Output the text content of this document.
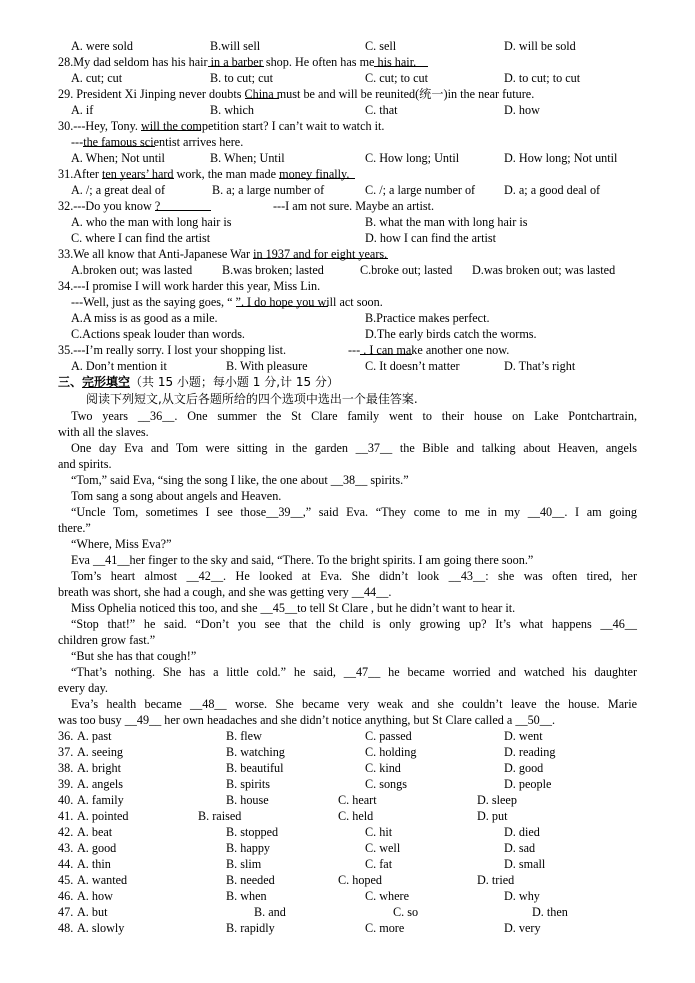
A. were sold	B.will sell	C. sell	D. will be sold
28.My dad seldom has his hair
in a barber shop. He often has me
his hair.
A. cut; cut	B. to cut; cut	C. cut; to cut	D. to cut; to cut
29. President Xi Jinping never doubts
China must be and will be reunited(统一)in the near future.
A. if	B. which	C. that	D. how
30.---Hey, Tony.
will the competition start? I can’t wait to watch it.
---
the famous scientist arrives here.
A. When; Not until	B. When; Until	C. How long; Until	D. How long; Not until
31.After
ten years’ hard work, the man made
money finally.
A. /; a great deal of	B. a; a large number of	C. /; a large number of D. a; a good deal of
32.---Do you know
?	---I am not sure. Maybe an artist.
A. who the man with long hair is	B. what the man with long hair is
C. where I can find the artist	D. how I can find the artist
33.We all know that Anti-Japanese War
in 1937 and
for eight years.
A.broken out; was lasted B.was broken; lasted	C.broke out; lasted D.was broken out; was lasted
34.---I promise I will work harder this year, Miss Lin.
---Well, just as the saying goes, “
”. I do hope you will act soon.
A.A miss is as good as a mile.	B.Practice makes perfect.
C.Actions speak louder than words.	D.The early birds catch the worms.
35.---I’m really sorry. I lost your shopping list.	---
. I can make another one now.
A. Don’t mention it	B. With pleasure	C. It doesn’t matter	D. That’s right
三、完形填空（共 15 小题；每小题 1 分,计 15 分）
阅读下列短文,从文后各题所给的四个选项中选出一个最佳答案.
Two years __36__. One summer the St Clare family went to their house on Lake Pontchartrain,
with all the slaves.
One day Eva and Tom were sitting in the garden __37__ the Bible and talking about Heaven, angels
and spirits.
“Tom,” said Eva, “sing the song I like, the one about __38__ spirits.”
Tom sang a song about angels and Heaven.
“Uncle Tom, sometimes I see those__39__,” said Eva. “They come to me in my __40__. I am going
there.”
“Where, Miss Eva?”
Eva __41__her finger to the sky and said, “There. To the bright spirits. I am going there soon.”
Tom’s heart almost __42__. He looked at Eva. She didn’t look __43__: she was often tired, her
breath was short, she had a cough, and she was getting very __44__.
Miss Ophelia noticed this too, and she __45__to tell St Clare , but he didn’t want to hear it.
“Stop that!” he said. “Don’t you see that the child is only growing up? It’s what happens __46__
children grow fast.”
“But she has that cough!”
“That’s nothing. She has a little cold.” he said, __47__ he became worried and watched his daughter
every day.
Eva’s health became __48__ worse. She became very weak and she couldn’t leave the house. Marie
was too busy __49__ her own headaches and she didn’t notice anything, but St Clare called a __50__.
36. A. past	B. flew	C. passed	D. went
37. A. seeing	B. watching	C. holding	D. reading
38. A. bright	B. beautiful	C. kind	D. good
39. A. angels	B. spirits	C. songs	D. people
40. A. family	B. house	C. heart	D. sleep
41. A. pointed	B. raised	C. held	D. put
42. A. beat	B. stopped	C. hit	D. died
43. A. good	B. happy	C. well	D. sad
44. A. thin	B. slim	C. fat	D. small
45. A. wanted	B. needed	C. hoped	D. tried
46. A. how	B. when	C. where	D. why
47. A. but	B. and	C. so	D. then
48. A. slowly	B. rapidly	C. more	D. very
